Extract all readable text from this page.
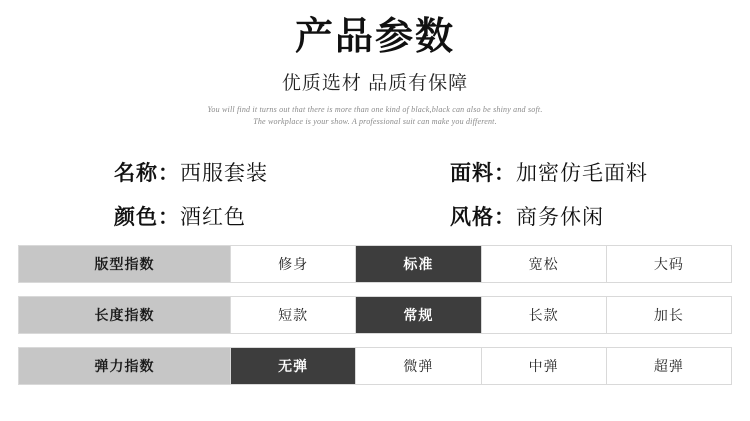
产品参数
优质选材 品质有保障
You will find it turns out that there is more than one kind of black,black can also be shiny and soft.
The workplace is your show. A professional suit can make you different.
名称： 西服套装	面料： 加密仿毛面料
颜色： 酒红色	风格： 商务休闲
版型指数	修身	标准	宽松	大码
长度指数	短款	常规	长款	加长
弹力指数	无弹	微弹	中弹	超弹
